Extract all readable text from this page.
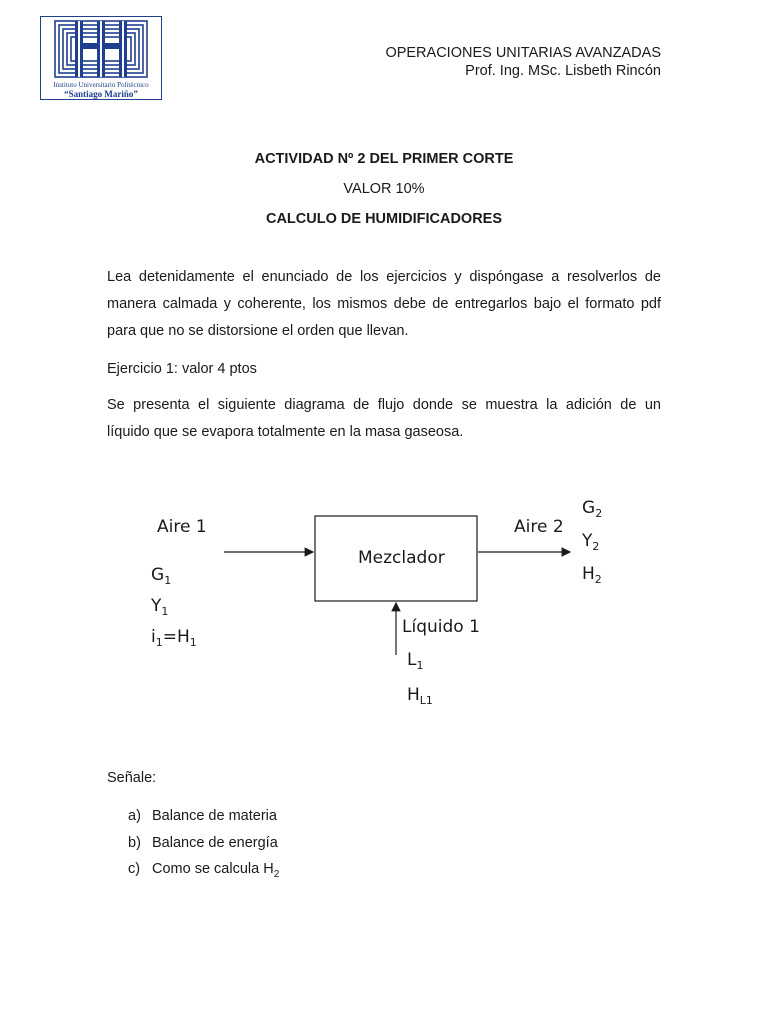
Instituto Universitario Politécnico
“Santiago Mariño”
OPERACIONES UNITARIAS AVANZADAS
Prof. Ing. MSc. Lisbeth Rincón
ACTIVIDAD Nº 2 DEL PRIMER CORTE
VALOR 10%
CALCULO DE HUMIDIFICADORES
Lea detenidamente el enunciado de los ejercicios y dispóngase a resolverlos de
manera calmada y coherente, los mismos debe de entregarlos bajo el formato pdf
para que no se distorsione el orden que llevan.
Ejercicio 1: valor 4 ptos
Se presenta el siguiente diagrama de flujo donde se muestra la adición de un
líquido que se evapora totalmente en la masa gaseosa.
Mezclador
Aire 1
$G_1$
$Y_1$
$i_1=H_1$
Aire 2
$G_2$
$Y_2$
$H_2$
Líquido 1
$L_1$
$H_{L1}$
Señale:
a) Balance de materia
b) Balance de energía
c) Como se calcula $H_2$
